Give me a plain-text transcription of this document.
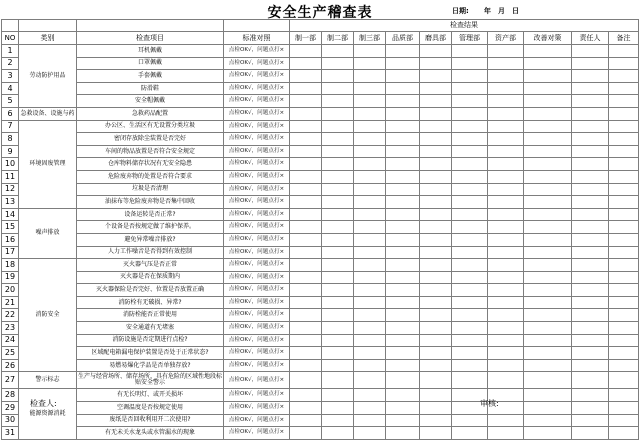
安全生产稽查表	日期: 年 月 日
				检查结果									
NO	类别	检查项目	标准对照	制一部	制二部	制三部	品质部	磨具部	管理部	资产部	改善对策	责任人	备注
1	劳动防护用品	耳机佩戴	点检OK√，问题点打×										
2		口罩佩戴	点检OK√，问题点打×										
3		手套佩戴	点检OK√，问题点打×										
4		防滑鞋	点检OK√，问题点打×										
5		安全帽佩戴	点检OK√，问题点打×										
6	急救设备、设施与药	急救药品配置	点检OK√，问题点打×										
7	环境固废管理	办公区、生活区有无设置分类垃圾	点检OK√，问题点打×										
8		密闭存放除尘装置是否完好	点检OK√，问题点打×										
9		车间的物品放置是否符合安全规定	点检OK√，问题点打×										
10		仓库物料储存状况有无安全隐患	点检OK√，问题点打×										
11		危险废弃物的处置是否符合要求	点检OK√，问题点打×										
12		垃圾是否清理	点检OK√，问题点打×										
13		油抹布等危险废弃物是否集中回收	点检OK√，问题点打×										
14	噪声排放	设备运转是否正常?	点检OK√，问题点打×										
15		个设备是否按规定做了维护保养。	点检OK√，问题点打×										
16		避免异常噪音排放?	点检OK√，问题点打×										
17		人力工作噪音是否得到有效控制	点检OK√，问题点打×										
18	消防安全	灭火器气压是否正常	点检OK√，问题点打×										
19		灭火器是否在保质期内	点检OK√，问题点打×										
20		灭火器保险是否完好、位置是否放置正确	点检OK√，问题点打×										
21		消防栓有无破损、异常?	点检OK√，问题点打×										
22		消防栓能否正常使用	点检OK√，问题点打×										
23		安全通道有无堵塞	点检OK√，问题点打×										
24		消防设施是否定期进行点检?	点检OK√，问题点打×										
25		区域配电箱漏电保护装置是否处于正常状态?	点检OK√，问题点打×										
26		易燃易爆化学品是否单独存放?	点检OK√，问题点打×										
27	警示标志	生产与经营场所、储存场所、具有危险的区域性地段标贴安全警示	点检OK√，问题点打×										
28	能源资源消耗	有无长明灯、或开关损坏	点检OK√，问题点打×										
29		空调温度是否按规定使用	点检OK√，问题点打×										
30		废纸是否回收利用开二次使用?	点检OK√，问题点打×										
31		有无未关水龙头或水管漏水的现象	点检OK√，问题点打×										
检查人:	审核:
